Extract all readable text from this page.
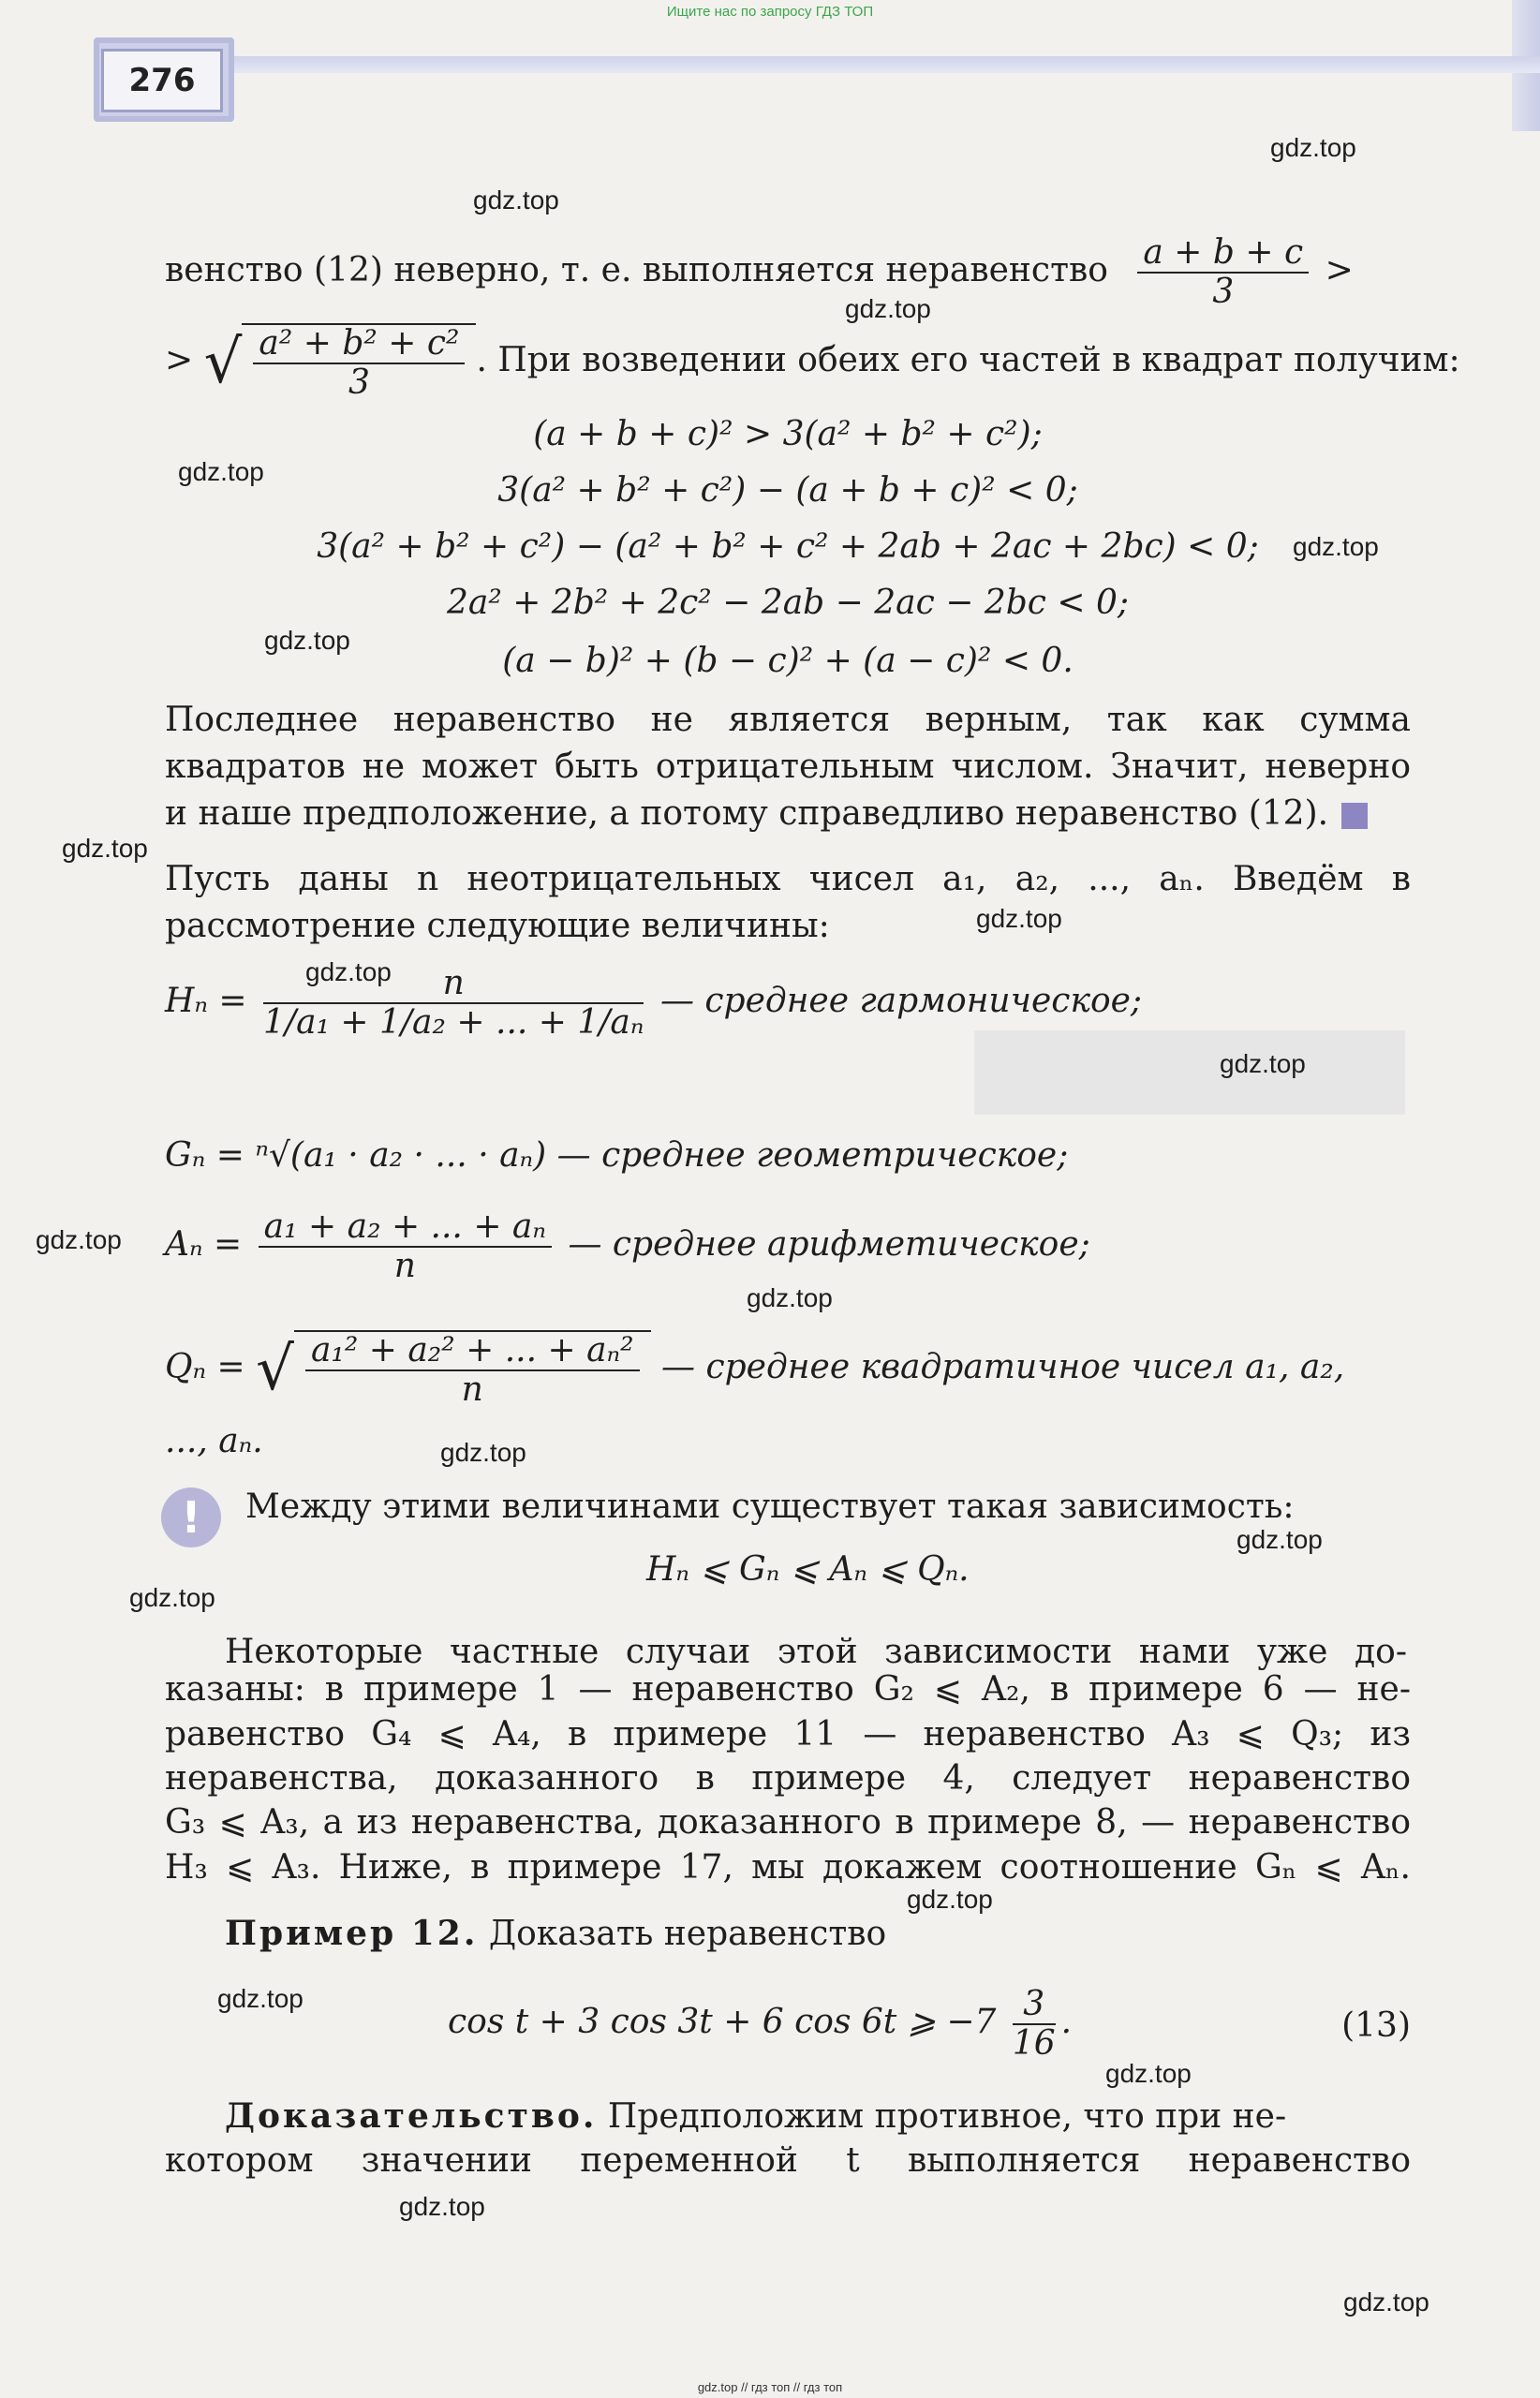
Ищите нас по запросу ГДЗ ТОП
276
венство (12) неверно, т. е. выполняется неравенство $\frac{a + b + c}{3}$ >
> √ $\frac{\text{a² + b² + c²}}{3}$ . При возведении обеих его частей в квадрат получим:
(a + b + c)² > 3(a² + b² + c²);
3(a² + b² + c²) − (a + b + c)² < 0;
3(a² + b² + c²) − (a² + b² + c² + 2ab + 2ac + 2bc) < 0;
2a² + 2b² + 2c² − 2ab − 2ac − 2bc < 0;
(a − b)² + (b − c)² + (a − c)² < 0.
Последнее неравенство не является верным, так как сумма
квадратов не может быть отрицательным числом. Значит, неверно
и наше предположение, а потому справедливо неравенство (12).
Пусть даны n неотрицательных чисел a₁, a₂, ..., aₙ. Введём в
рассмотрение следующие величины:
$H_n = \frac{n}{\text{1/a₁ + 1/a₂ + ... + 1/aₙ}}$ — среднее гармоническое;
Gₙ = ⁿ√(a₁ · a₂ · ... · aₙ) — среднее геометрическое;
$A_n = \frac{\text{a₁ + a₂ + ... + aₙ}}{n}$ — среднее арифметическое;
Qₙ = √ $\frac{\text{a₁² + a₂² + ... + aₙ²}}{n}$ — среднее квадратичное чисел a₁, a₂,
..., aₙ.
!	Между этими величинами существует такая зависимость:
Hₙ ⩽ Gₙ ⩽ Aₙ ⩽ Qₙ.
Некоторые частные случаи этой зависимости нами уже до-
казаны: в примере 1 — неравенство G₂ ⩽ A₂, в примере 6 — не-
равенство G₄ ⩽ A₄, в примере 11 — неравенство A₃ ⩽ Q₃; из
неравенства, доказанного в примере 4, следует неравенство
G₃ ⩽ A₃, а из неравенства, доказанного в примере 8, — неравенство
H₃ ⩽ A₃. Ниже, в примере 17, мы докажем соотношение Gₙ ⩽ Aₙ.
Пример 12. Доказать неравенство
cos t + 3 cos 3t + 6 cos 6t ⩾ $-7 \frac{3}{16}$ .	(13)
Доказательство. Предположим противное, что при не-
котором значении переменной t выполняется неравенство
gdz.top
gdz.top
gdz.top
gdz.top
gdz.top
gdz.top
gdz.top
gdz.top
gdz.top
gdz.top
gdz.top
gdz.top
gdz.top
gdz.top
gdz.top
gdz.top
gdz.top
gdz.top
gdz.top
gdz.top
gdz.top // гдз топ // гдз топ
